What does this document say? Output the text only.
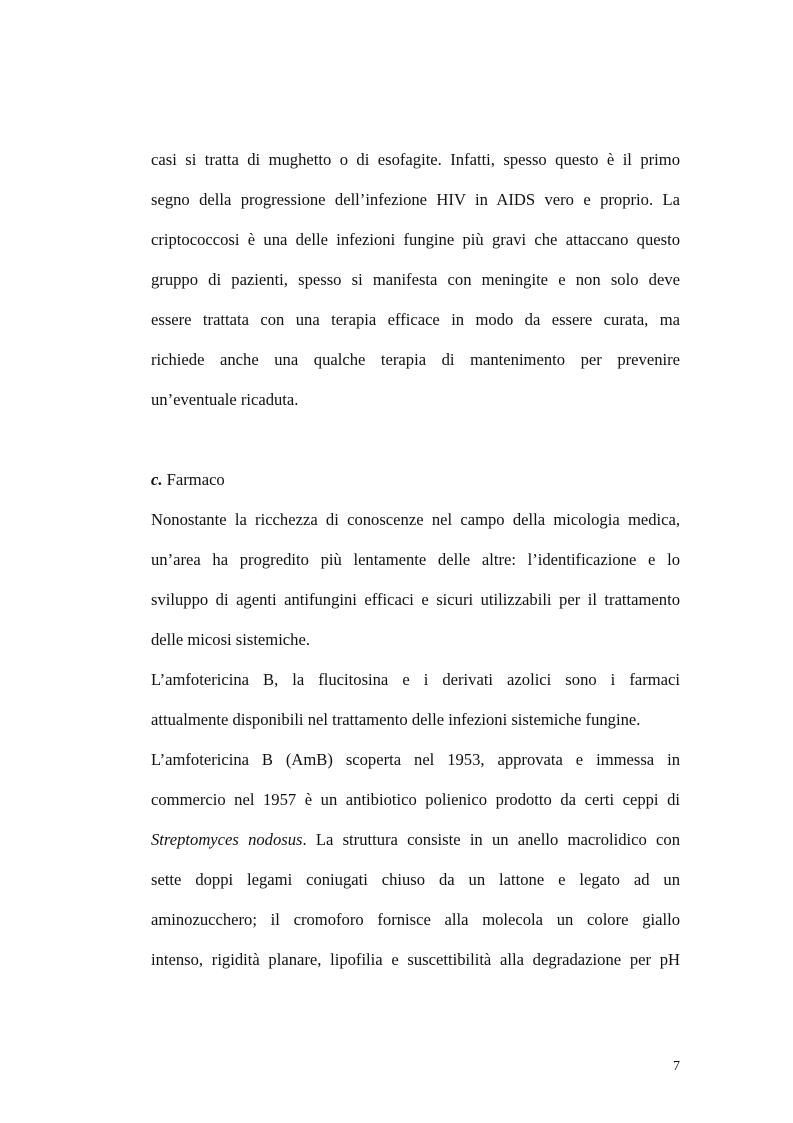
casi si tratta di mughetto o di esofagite. Infatti, spesso questo è il primo
segno della progressione dell’infezione HIV in AIDS vero e proprio. La
criptococcosi è una delle infezioni fungine più gravi che attaccano questo
gruppo di pazienti, spesso si manifesta con meningite e non solo deve
essere trattata con una terapia efficace in modo da essere curata, ma
richiede anche una qualche terapia di mantenimento per prevenire
un’eventuale ricaduta.
c. Farmaco
Nonostante la ricchezza di conoscenze nel campo della micologia medica,
un’area ha progredito più lentamente delle altre: l’identificazione e lo
sviluppo di agenti antifungini efficaci e sicuri utilizzabili per il trattamento
delle micosi sistemiche.
L’amfotericina B, la flucitosina e i derivati azolici sono i farmaci
attualmente disponibili nel trattamento delle infezioni sistemiche fungine.
L’amfotericina B (AmB) scoperta nel 1953, approvata e immessa in
commercio nel 1957 è un antibiotico polienico prodotto da certi ceppi di
Streptomyces nodosus. La struttura consiste in un anello macrolidico con
sette doppi legami coniugati chiuso da un lattone e legato ad un
aminozucchero; il cromoforo fornisce alla molecola un colore giallo
intenso, rigidità planare, lipofilia e suscettibilità alla degradazione per pH
7
